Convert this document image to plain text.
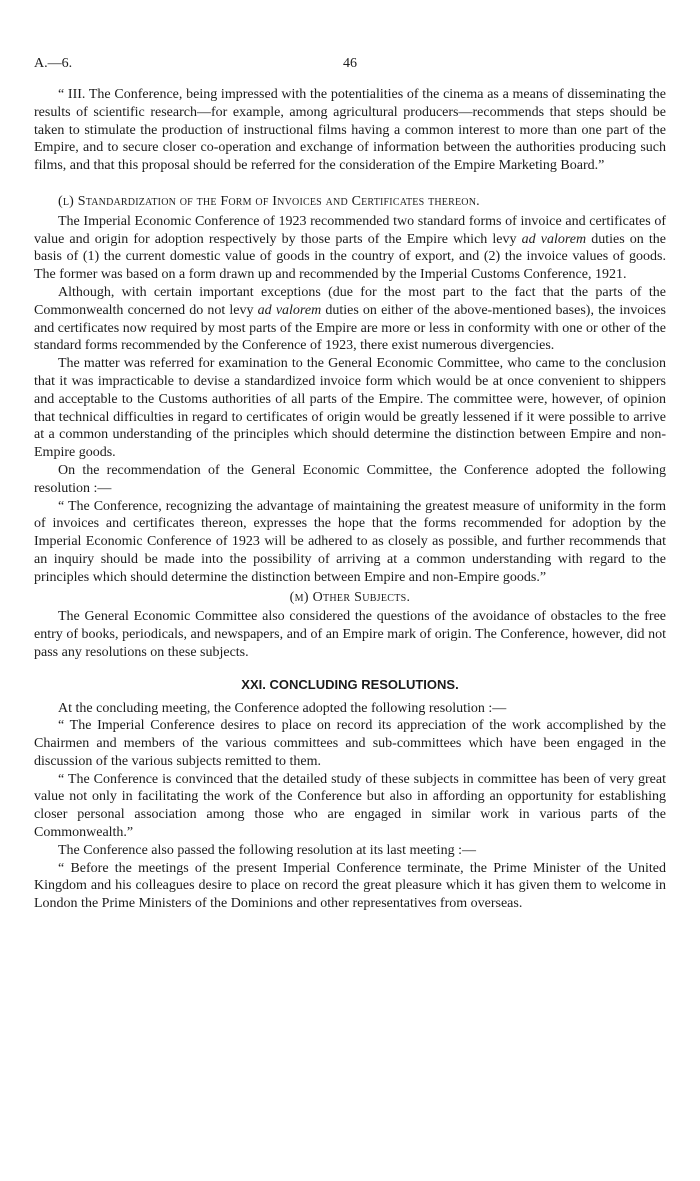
A.—6.	46

“ III. The Conference, being impressed with the potentialities of the cinema as a means of disseminating the results of scientific research—for example, among agricultural producers—recommends that steps should be taken to stimulate the production of instructional films having a common interest to more than one part of the Empire, and to secure closer co-operation and exchange of information between the authorities producing such films, and that this proposal should be referred for the consideration of the Empire Marketing Board.”

(l) Standardization of the Form of Invoices and Certificates thereon.

The Imperial Economic Conference of 1923 recommended two standard forms of invoice and certificates of value and origin for adoption respectively by those parts of the Empire which levy ad valorem duties on the basis of (1) the current domestic value of goods in the country of export, and (2) the invoice values of goods. The former was based on a form drawn up and recommended by the Imperial Customs Conference, 1921.

Although, with certain important exceptions (due for the most part to the fact that the parts of the Commonwealth concerned do not levy ad valorem duties on either of the above-mentioned bases), the invoices and certificates now required by most parts of the Empire are more or less in conformity with one or other of the standard forms recommended by the Conference of 1923, there exist numerous divergencies.

The matter was referred for examination to the General Economic Committee, who came to the conclusion that it was impracticable to devise a standardized invoice form which would be at once convenient to shippers and acceptable to the Customs authorities of all parts of the Empire. The committee were, however, of opinion that technical difficulties in regard to certificates of origin would be greatly lessened if it were possible to arrive at a common understanding of the principles which should determine the distinction between Empire and non-Empire goods.

On the recommendation of the General Economic Committee, the Conference adopted the following resolution :—

“ The Conference, recognizing the advantage of maintaining the greatest measure of uniformity in the form of invoices and certificates thereon, expresses the hope that the forms recommended for adoption by the Imperial Economic Conference of 1923 will be adhered to as closely as possible, and further recommends that an inquiry should be made into the possibility of arriving at a common understanding with regard to the principles which should determine the distinction between Empire and non-Empire goods.”

(m) Other Subjects.

The General Economic Committee also considered the questions of the avoidance of obstacles to the free entry of books, periodicals, and newspapers, and of an Empire mark of origin. The Conference, however, did not pass any resolutions on these subjects.

XXI. CONCLUDING RESOLUTIONS.

At the concluding meeting, the Conference adopted the following resolution :—

“ The Imperial Conference desires to place on record its appreciation of the work accomplished by the Chairmen and members of the various committees and sub-committees which have been engaged in the discussion of the various subjects remitted to them.

“ The Conference is convinced that the detailed study of these subjects in committee has been of very great value not only in facilitating the work of the Conference but also in affording an opportunity for establishing closer personal association among those who are engaged in similar work in various parts of the Commonwealth.”

The Conference also passed the following resolution at its last meeting :—

“ Before the meetings of the present Imperial Conference terminate, the Prime Minister of the United Kingdom and his colleagues desire to place on record the great pleasure which it has given them to welcome in London the Prime Ministers of the Dominions and other representatives from overseas.
